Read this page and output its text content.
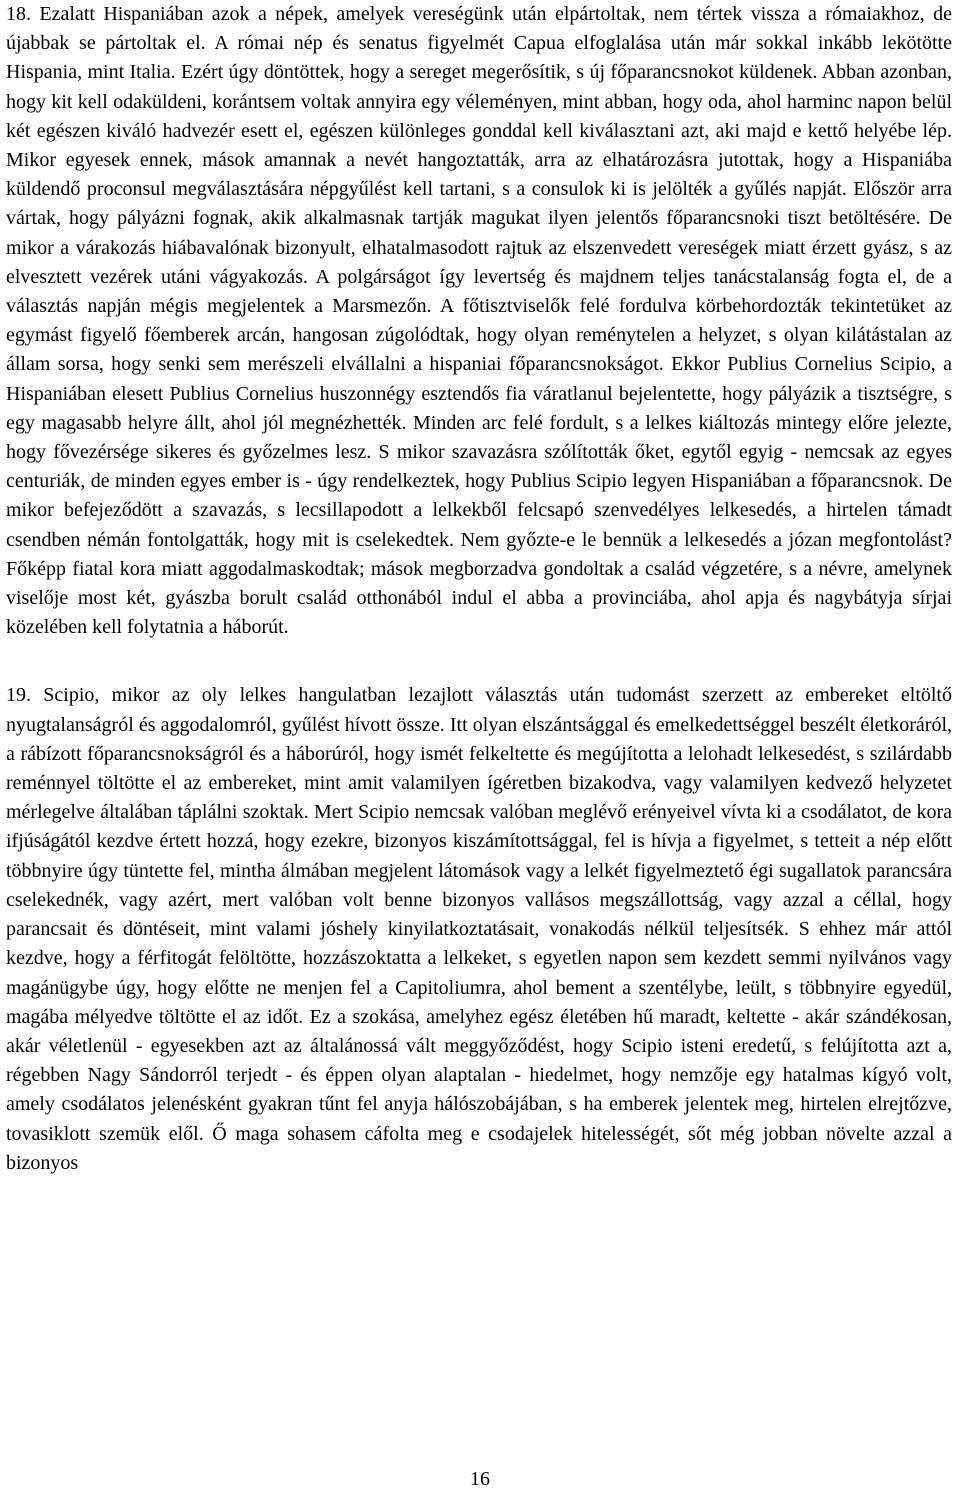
18. Ezalatt Hispaniában azok a népek, amelyek vereségünk után elpártoltak, nem tértek vissza a rómaiakhoz, de újabbak se pártoltak el. A római nép és senatus figyelmét Capua elfoglalása után már sokkal inkább lekötötte Hispania, mint Italia. Ezért úgy döntöttek, hogy a sereget megerősítik, s új főparancsnokot küldenek. Abban azonban, hogy kit kell odaküldeni, korántsem voltak annyira egy véleményen, mint abban, hogy oda, ahol harminc napon belül két egészen kiváló hadvezér esett el, egészen különleges gonddal kell kiválasztani azt, aki majd e kettő helyébe lép. Mikor egyesek ennek, mások amannak a nevét hangoztatták, arra az elhatározásra jutottak, hogy a Hispaniába küldendő proconsul megválasztására népgyűlést kell tartani, s a consulok ki is jelölték a gyűlés napját. Először arra vártak, hogy pályázni fognak, akik alkalmasnak tartják magukat ilyen jelentős főparancsnoki tiszt betöltésére. De mikor a várakozás hiábavalónak bizonyult, elhatalmasodott rajtuk az elszenvedett vereségek miatt érzett gyász, s az elvesztett vezérek utáni vágyakozás. A polgárságot így levertség és majdnem teljes tanácstalanság fogta el, de a választás napján mégis megjelentek a Marsmezőn. A főtisztviselők felé fordulva körbehordozták tekintetüket az egymást figyelő főemberek arcán, hangosan zúgolódtak, hogy olyan reménytelen a helyzet, s olyan kilátástalan az állam sorsa, hogy senki sem merészeli elvállalni a hispaniai főparancsnokságot. Ekkor Publius Cornelius Scipio, a Hispaniában elesett Publius Cornelius huszonnégy esztendős fia váratlanul bejelentette, hogy pályázik a tisztségre, s egy magasabb helyre állt, ahol jól megnézhették. Minden arc felé fordult, s a lelkes kiáltozás mintegy előre jelezte, hogy fővezérsége sikeres és győzelmes lesz. S mikor szavazásra szólították őket, egytől egyig - nemcsak az egyes centuriák, de minden egyes ember is - úgy rendelkeztek, hogy Publius Scipio legyen Hispaniában a főparancsnok. De mikor befejeződött a szavazás, s lecsillapodott a lelkekből felcsapó szenvedélyes lelkesedés, a hirtelen támadt csendben némán fontolgatták, hogy mit is cselekedtek. Nem győzte-e le bennük a lelkesedés a józan megfontolást? Főképp fiatal kora miatt aggodalmaskodtak; mások megborzadva gondoltak a család végzetére, s a névre, amelynek viselője most két, gyászba borult család otthonából indul el abba a provinciába, ahol apja és nagybátyja sírjai közelében kell folytatnia a háborút.

19. Scipio, mikor az oly lelkes hangulatban lezajlott választás után tudomást szerzett az embereket eltöltő nyugtalanságról és aggodalomról, gyűlést hívott össze. Itt olyan elszántsággal és emelkedettséggel beszélt életkoráról, a rábízott főparancsnokságról és a háborúról, hogy ismét felkeltette és megújította a lelohadt lelkesedést, s szilárdabb reménnyel töltötte el az embereket, mint amit valamilyen ígéretben bizakodva, vagy valamilyen kedvező helyzetet mérlegelve általában táplálni szoktak. Mert Scipio nemcsak valóban meglévő erényeivel vívta ki a csodálatot, de kora ifjúságától kezdve értett hozzá, hogy ezekre, bizonyos kiszámítottsággal, fel is hívja a figyelmet, s tetteit a nép előtt többnyire úgy tüntette fel, mintha álmában megjelent látomások vagy a lelkét figyelmeztető égi sugallatok parancsára cselekednék, vagy azért, mert valóban volt benne bizonyos vallásos megszállottság, vagy azzal a céllal, hogy parancsait és döntéseit, mint valami jóshely kinyilatkoztatásait, vonakodás nélkül teljesítsék. S ehhez már attól kezdve, hogy a férfitogát felöltötte, hozzászoktatta a lelkeket, s egyetlen napon sem kezdett semmi nyilvános vagy magánügybe úgy, hogy előtte ne menjen fel a Capitoliumra, ahol bement a szentélybe, leült, s többnyire egyedül, magába mélyedve töltötte el az időt. Ez a szokása, amelyhez egész életében hű maradt, keltette - akár szándékosan, akár véletlenül - egyesekben azt az általánossá vált meggyőződést, hogy Scipio isteni eredetű, s felújította azt a, régebben Nagy Sándorról terjedt - és éppen olyan alaptalan - hiedelmet, hogy nemzője egy hatalmas kígyó volt, amely csodálatos jelenésként gyakran tűnt fel anyja hálószobájában, s ha emberek jelentek meg, hirtelen elrejtőzve, tovasiklott szemük elől. Ő maga sohasem cáfolta meg e csodajelek hitelességét, sőt még jobban növelte azzal a bizonyos

16
